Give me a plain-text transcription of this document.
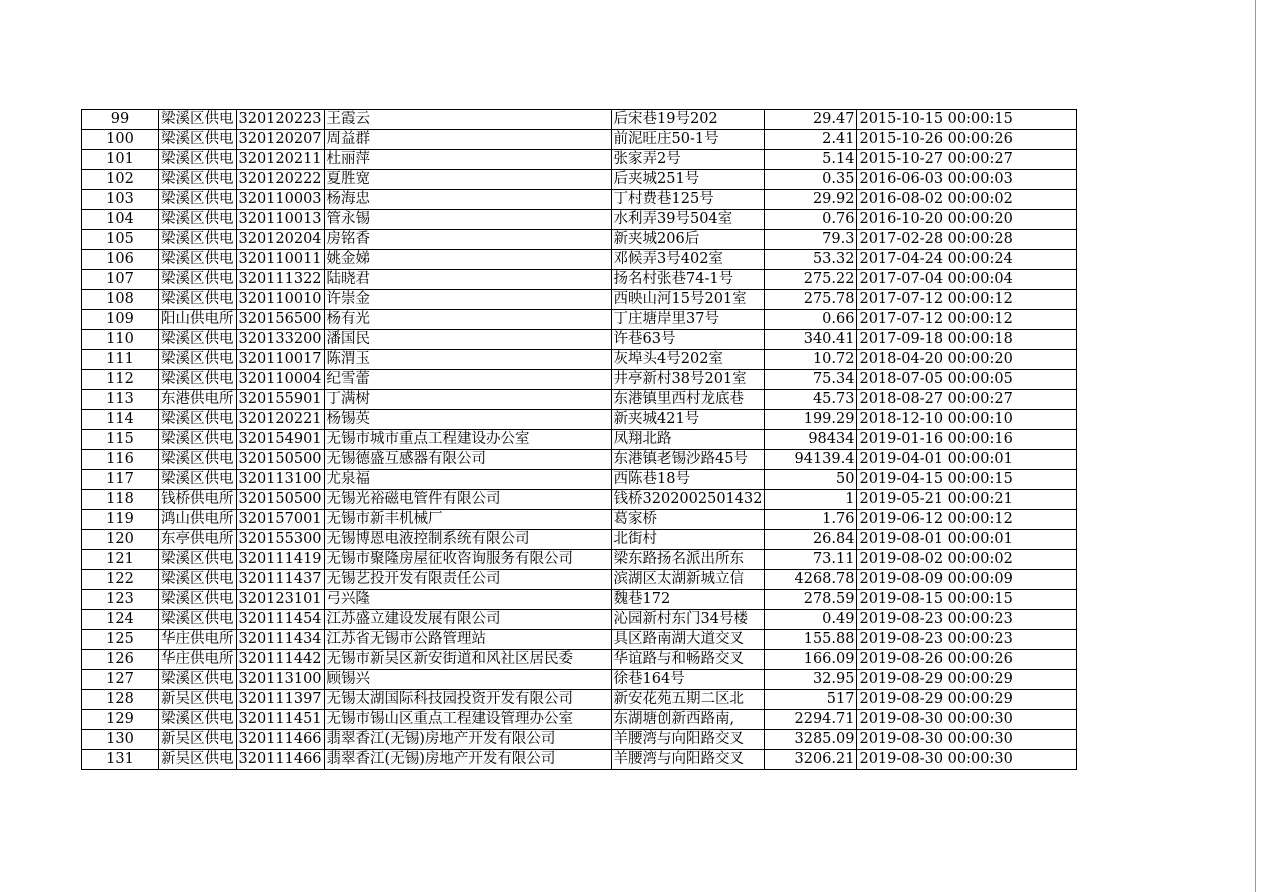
99	梁溪区供电	320120223	王霞云	后宋巷19号202	29.47	2015-10-15 00:00:15
100	梁溪区供电	320120207	周益群	前泥旺庄50-1号	2.41	2015-10-26 00:00:26
101	梁溪区供电	320120211	杜丽萍	张家弄2号	5.14	2015-10-27 00:00:27
102	梁溪区供电	320120222	夏胜宽	后夹城251号	0.35	2016-06-03 00:00:03
103	梁溪区供电	320110003	杨海忠	丁村费巷125号	29.92	2016-08-02 00:00:02
104	梁溪区供电	320110013	管永锡	水利弄39号504室	0.76	2016-10-20 00:00:20
105	梁溪区供电	320120204	房铭香	新夹城206后	79.3	2017-02-28 00:00:28
106	梁溪区供电	320110011	姚金娣	邓候弄3号402室	53.32	2017-04-24 00:00:24
107	梁溪区供电	320111322	陆晓君	扬名村张巷74-1号	275.22	2017-07-04 00:00:04
108	梁溪区供电	320110010	许崇金	西映山河15号201室	275.78	2017-07-12 00:00:12
109	阳山供电所	320156500	杨有光	丁庄塘岸里37号	0.66	2017-07-12 00:00:12
110	梁溪区供电	320133200	潘国民	许巷63号	340.41	2017-09-18 00:00:18
111	梁溪区供电	320110017	陈渭玉	灰埠头4号202室	10.72	2018-04-20 00:00:20
112	梁溪区供电	320110004	纪雪蕾	井亭新村38号201室	75.34	2018-07-05 00:00:05
113	东港供电所	320155901	丁满树	东港镇里西村龙底巷	45.73	2018-08-27 00:00:27
114	梁溪区供电	320120221	杨锡英	新夹城421号	199.29	2018-12-10 00:00:10
115	梁溪区供电	320154901	无锡市城市重点工程建设办公室	凤翔北路	98434	2019-01-16 00:00:16
116	梁溪区供电	320150500	无锡德盛互感器有限公司	东港镇老锡沙路45号	94139.4	2019-04-01 00:00:01
117	梁溪区供电	320113100	尤泉福	西陈巷18号	50	2019-04-15 00:00:15
118	钱桥供电所	320150500	无锡光裕磁电管件有限公司	钱桥3202002501432	1	2019-05-21 00:00:21
119	鸿山供电所	320157001	无锡市新丰机械厂	葛家桥	1.76	2019-06-12 00:00:12
120	东亭供电所	320155300	无锡博恩电液控制系统有限公司	北街村	26.84	2019-08-01 00:00:01
121	梁溪区供电	320111419	无锡市聚隆房屋征收咨询服务有限公司	梁东路扬名派出所东	73.11	2019-08-02 00:00:02
122	梁溪区供电	320111437	无锡艺投开发有限责任公司	滨湖区太湖新城立信	4268.78	2019-08-09 00:00:09
123	梁溪区供电	320123101	弓兴隆	魏巷172	278.59	2019-08-15 00:00:15
124	梁溪区供电	320111454	江苏盛立建设发展有限公司	沁园新村东门34号楼	0.49	2019-08-23 00:00:23
125	华庄供电所	320111434	江苏省无锡市公路管理站	具区路南湖大道交叉	155.88	2019-08-23 00:00:23
126	华庄供电所	320111442	无锡市新吴区新安街道和风社区居民委	华谊路与和畅路交叉	166.09	2019-08-26 00:00:26
127	梁溪区供电	320113100	顾锡兴	徐巷164号	32.95	2019-08-29 00:00:29
128	新吴区供电	320111397	无锡太湖国际科技园投资开发有限公司	新安花苑五期二区北	517	2019-08-29 00:00:29
129	梁溪区供电	320111451	无锡市锡山区重点工程建设管理办公室	东湖塘创新西路南,	2294.71	2019-08-30 00:00:30
130	新吴区供电	320111466	翡翠香江(无锡)房地产开发有限公司	羊腰湾与向阳路交叉	3285.09	2019-08-30 00:00:30
131	新吴区供电	320111466	翡翠香江(无锡)房地产开发有限公司	羊腰湾与向阳路交叉	3206.21	2019-08-30 00:00:30
